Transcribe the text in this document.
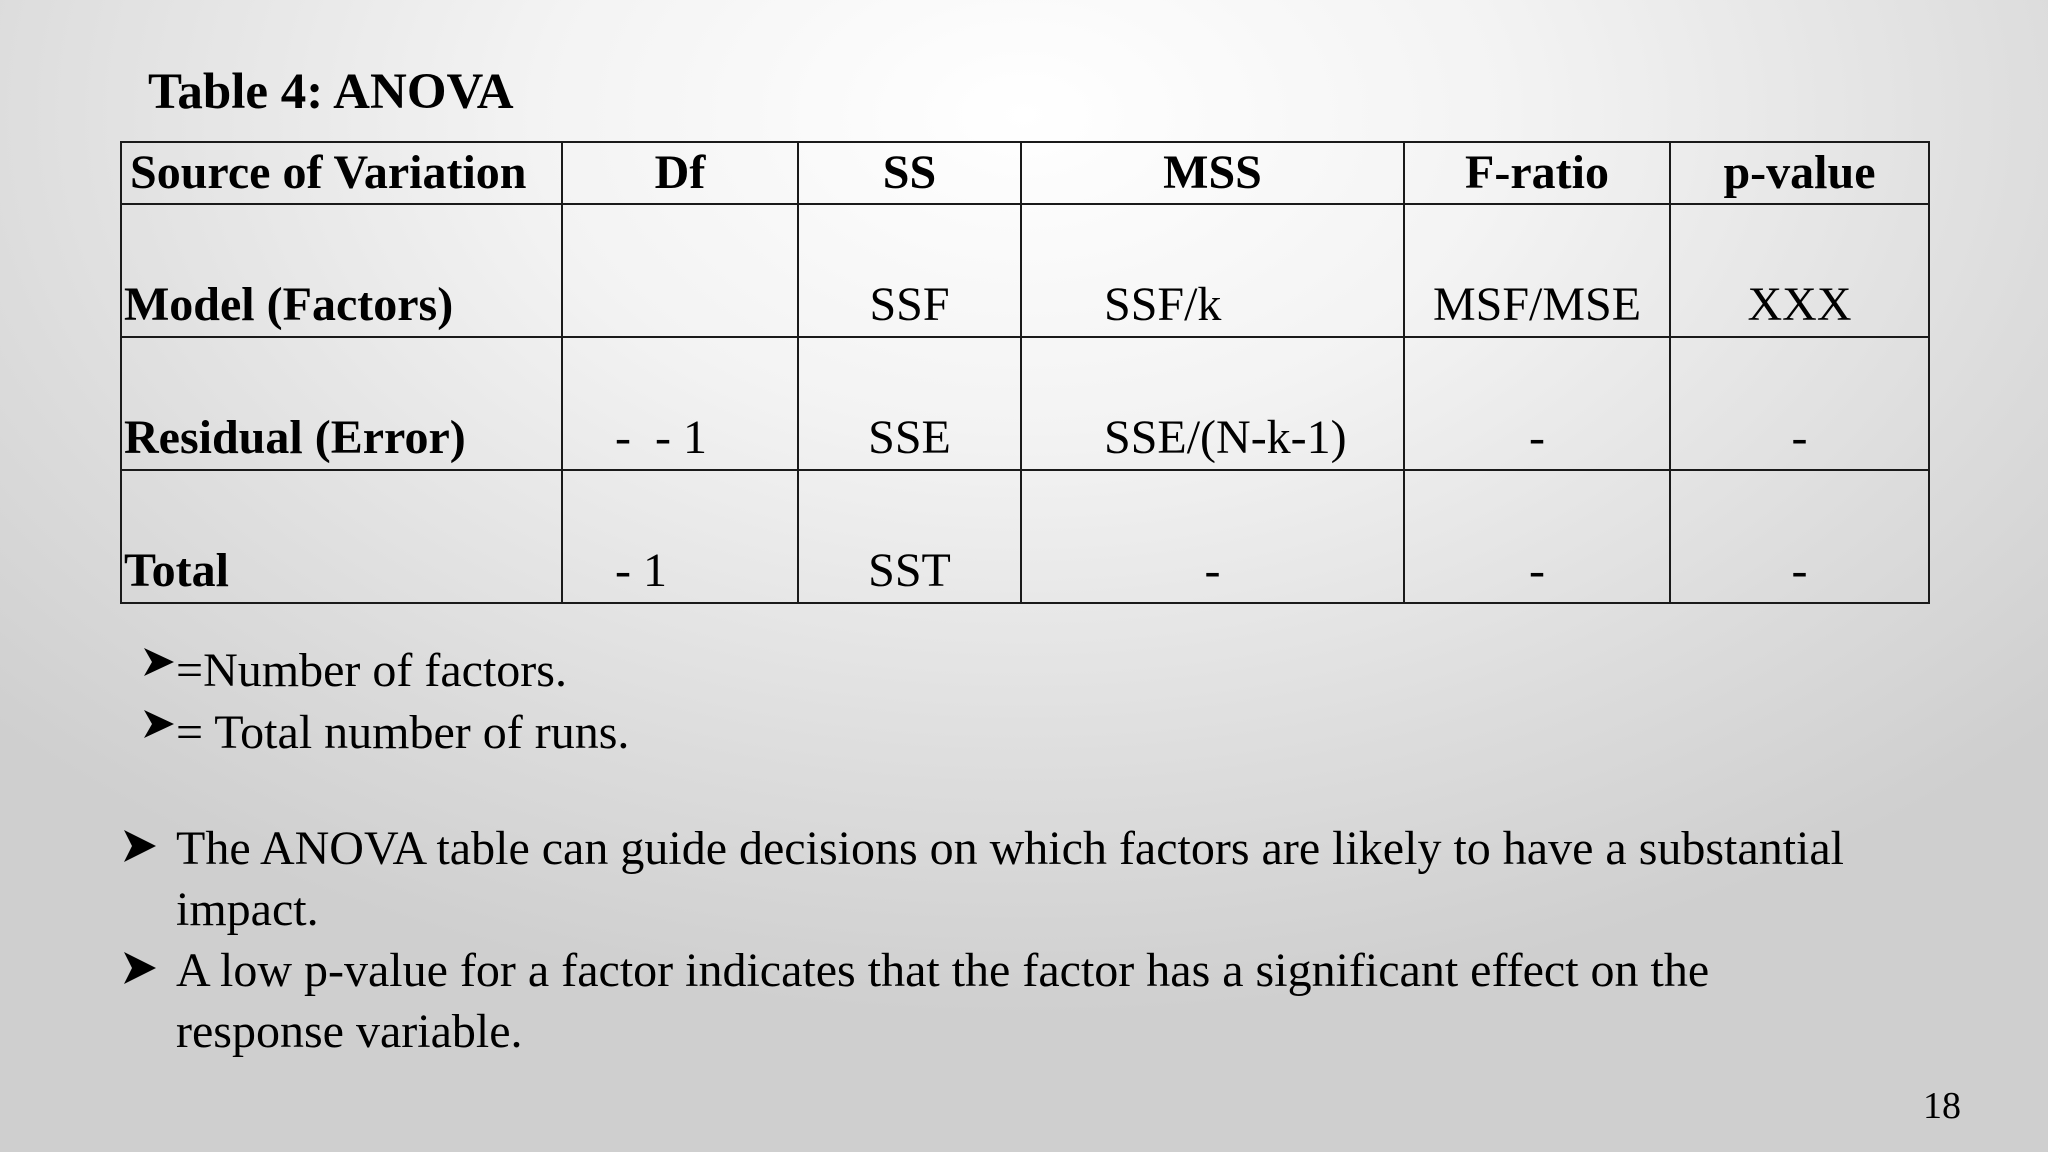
Table 4: ANOVA
Source of Variation	Df	SS	MSS	F-ratio	p-value
Model (Factors)		SSF	SSF/k	MSF/MSE	XXX
Residual (Error)	-  - 1	SSE	SSE/(N-k-1)	-	-
Total	- 1	SST	-	-	-
=Number of factors.
= Total number of runs.
The ANOVA table can guide decisions on which factors are likely to have a substantial impact.
A low p-value for a factor indicates that the factor has a significant effect on the response variable.
18
